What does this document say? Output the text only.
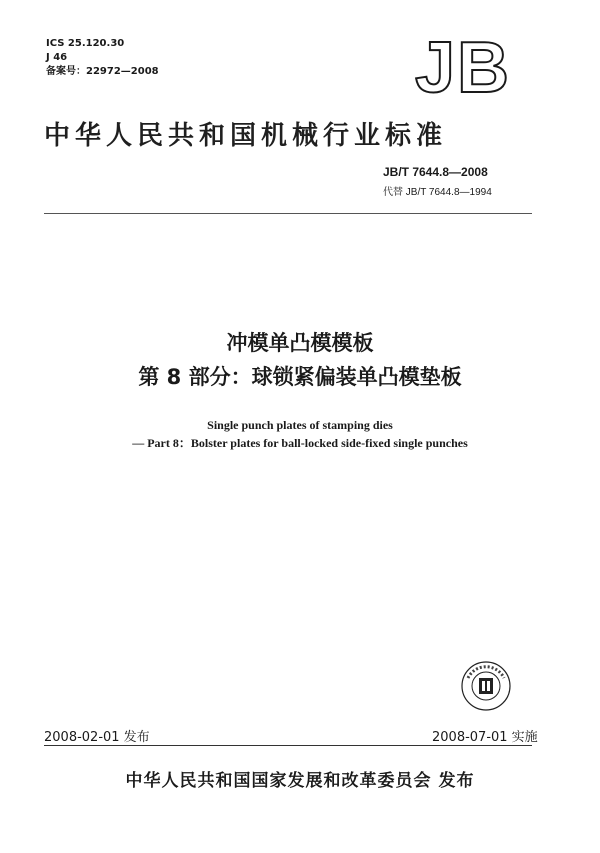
ICS 25.120.30
J 46
备案号：22972—2008	JB
中华人民共和国机械行业标准
JB/T 7644.8—2008
代替 JB/T 7644.8—1994
冲模单凸模模板
第 8 部分：球锁紧偏装单凸模垫板
Single punch plates of stamping dies
— Part 8：Bolster plates for ball-locked side-fixed single punches
2008-02-01 发布	2008-07-01 实施
中华人民共和国国家发展和改革委员会 发布
